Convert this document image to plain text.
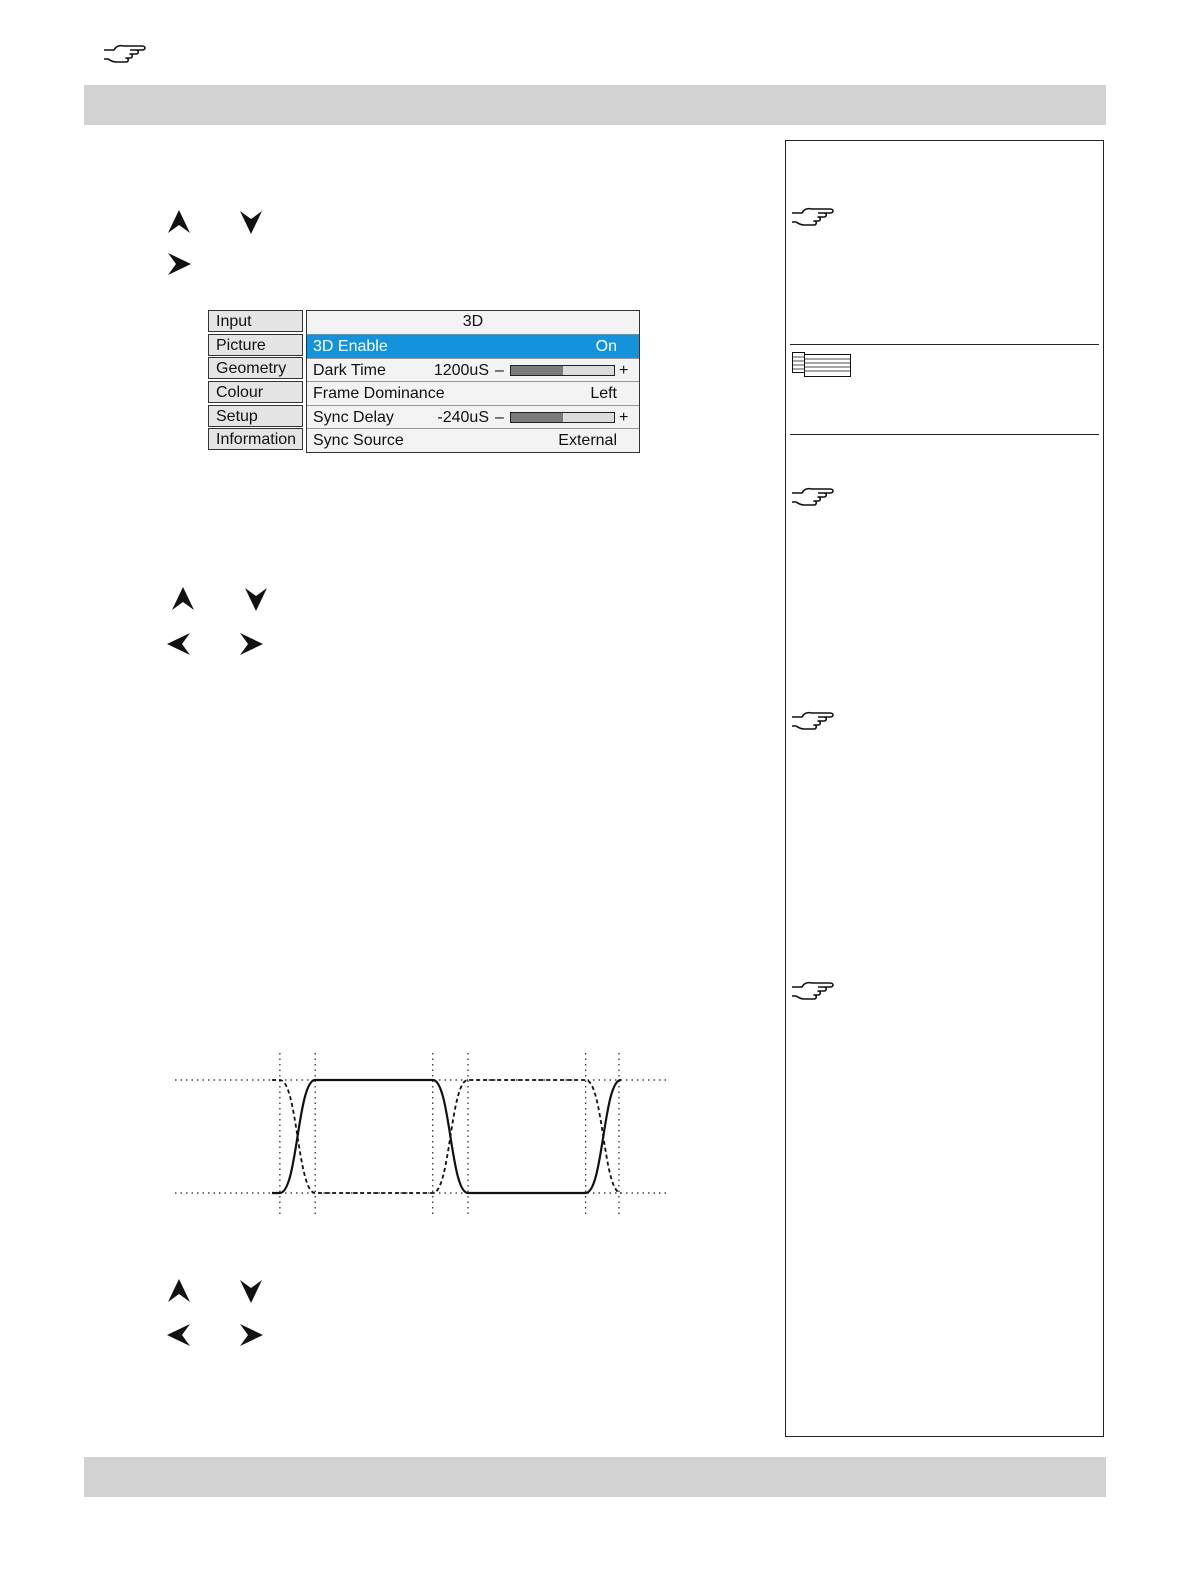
Input
Picture
Geometry
Colour
Setup
Information
3D
3D Enable	On
Dark Time	1200uS –	+
Frame Dominance	Left
Sync Delay	-240uS –	+
Sync Source	External
